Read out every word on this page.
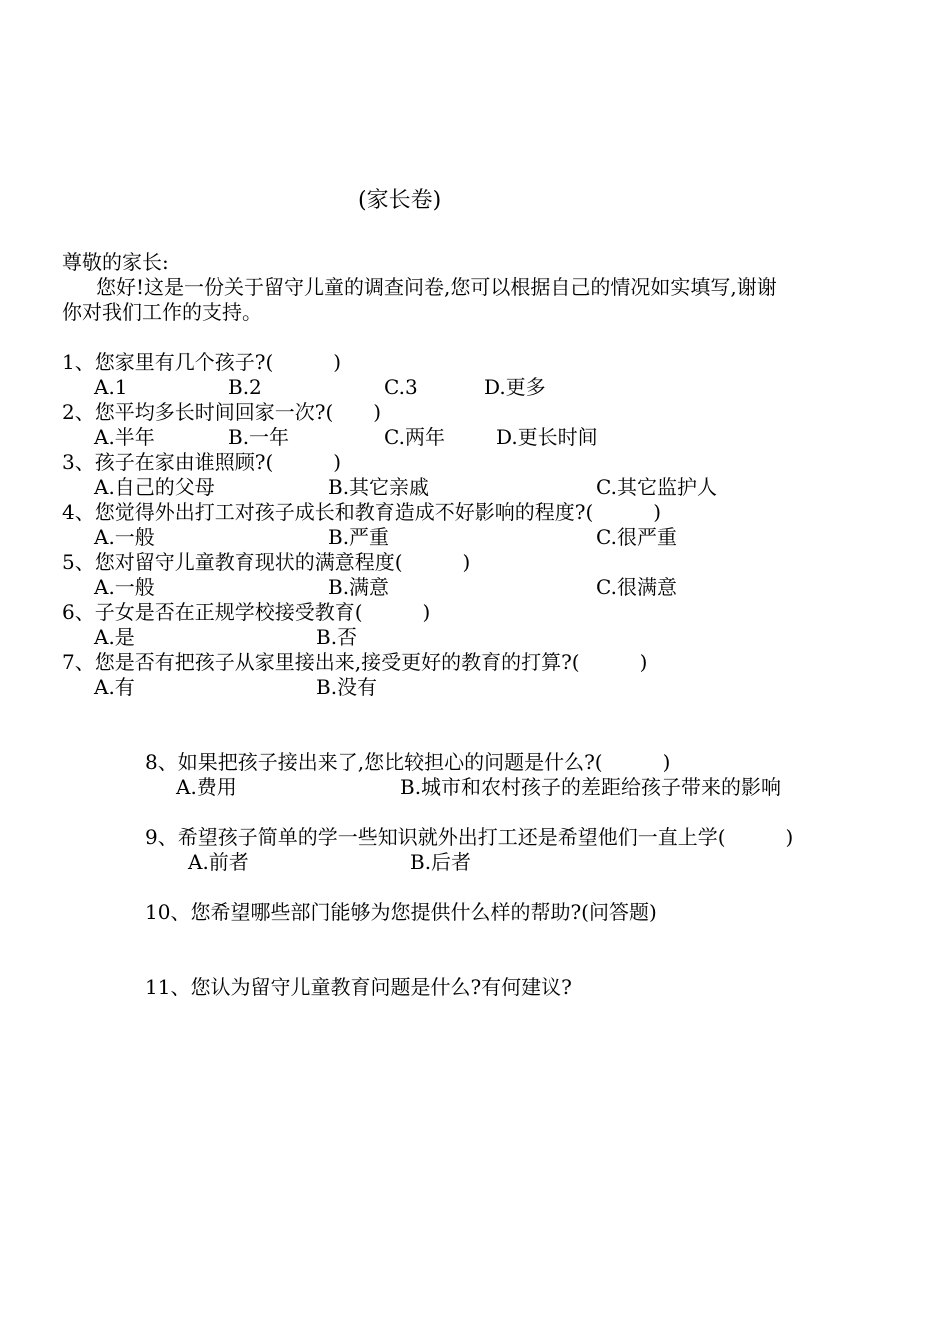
(家长卷)
尊敬的家长:
您好!这是一份关于留守儿童的调查问卷,您可以根据自己的情况如实填写,谢谢
你对我们工作的支持。
1、您家里有几个孩子?(　　　)
A.1	B.2	C.3	D.更多
2、您平均多长时间回家一次?(　　)
A.半年	B.一年	C.两年	D.更长时间
3、孩子在家由谁照顾?(　　　)
A.自己的父母	B.其它亲戚	C.其它监护人
4、您觉得外出打工对孩子成长和教育造成不好影响的程度?(　　　)
A.一般	B.严重	C.很严重
5、您对留守儿童教育现状的满意程度(　　　)
A.一般	B.满意	C.很满意
6、子女是否在正规学校接受教育(　　　)
A.是	B.否
7、您是否有把孩子从家里接出来,接受更好的教育的打算?(　　　)
A.有	B.没有
8、如果把孩子接出来了,您比较担心的问题是什么?(　　　)
A.费用	B.城市和农村孩子的差距给孩子带来的影响
9、希望孩子简单的学一些知识就外出打工还是希望他们一直上学(　　　)
A.前者	B.后者
10、您希望哪些部门能够为您提供什么样的帮助?(问答题)
11、您认为留守儿童教育问题是什么?有何建议?
